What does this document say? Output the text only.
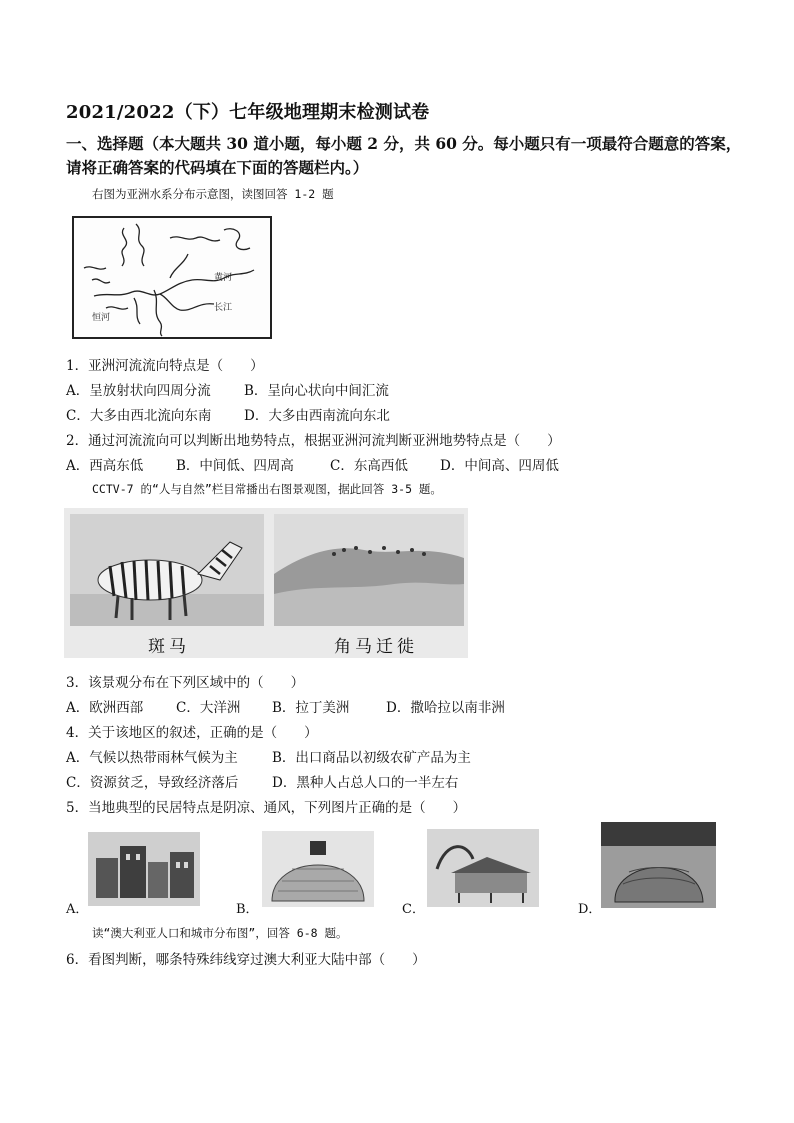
2021/2022（下）七年级地理期末检测试卷
一、选择题（本大题共 30 道小题，每小题 2 分，共 60 分。每小题只有一项最符合题意的答案，
请将正确答案的代码填在下面的答题栏内。）
右图为亚洲水系分布示意图，读图回答 1-2 题
黄河
长江
恒河
1．亚洲河流流向特点是（　　）
A．呈放射状向四周分流 B．呈向心状向中间汇流
C．大多由西北流向东南 D．大多由西南流向东北
2．通过河流流向可以判断出地势特点，根据亚洲河流判断亚洲地势特点是（　　）
A．西高东低 B．中间低、四周高	C．东高西低 D．中间高、四周低
CCTV-7 的“人与自然”栏目常播出右图景观图，据此回答 3-5 题。
斑马	角马迁徙
3．该景观分布在下列区域中的（　　）
A．欧洲西部 C．大洋洲 B．拉丁美洲	D．撒哈拉以南非洲
4．关于该地区的叙述，正确的是（　　）
A．气候以热带雨林气候为主	B．出口商品以初级农矿产品为主
C．资源贫乏，导致经济落后 D．黑种人占总人口的一半左右
5．当地典型的民居特点是阴凉、通风，下列图片正确的是（　　）
A．	B．	C．	D．
读“澳大利亚人口和城市分布图”，回答 6-8 题。
6．看图判断，哪条特殊纬线穿过澳大利亚大陆中部（　　）
